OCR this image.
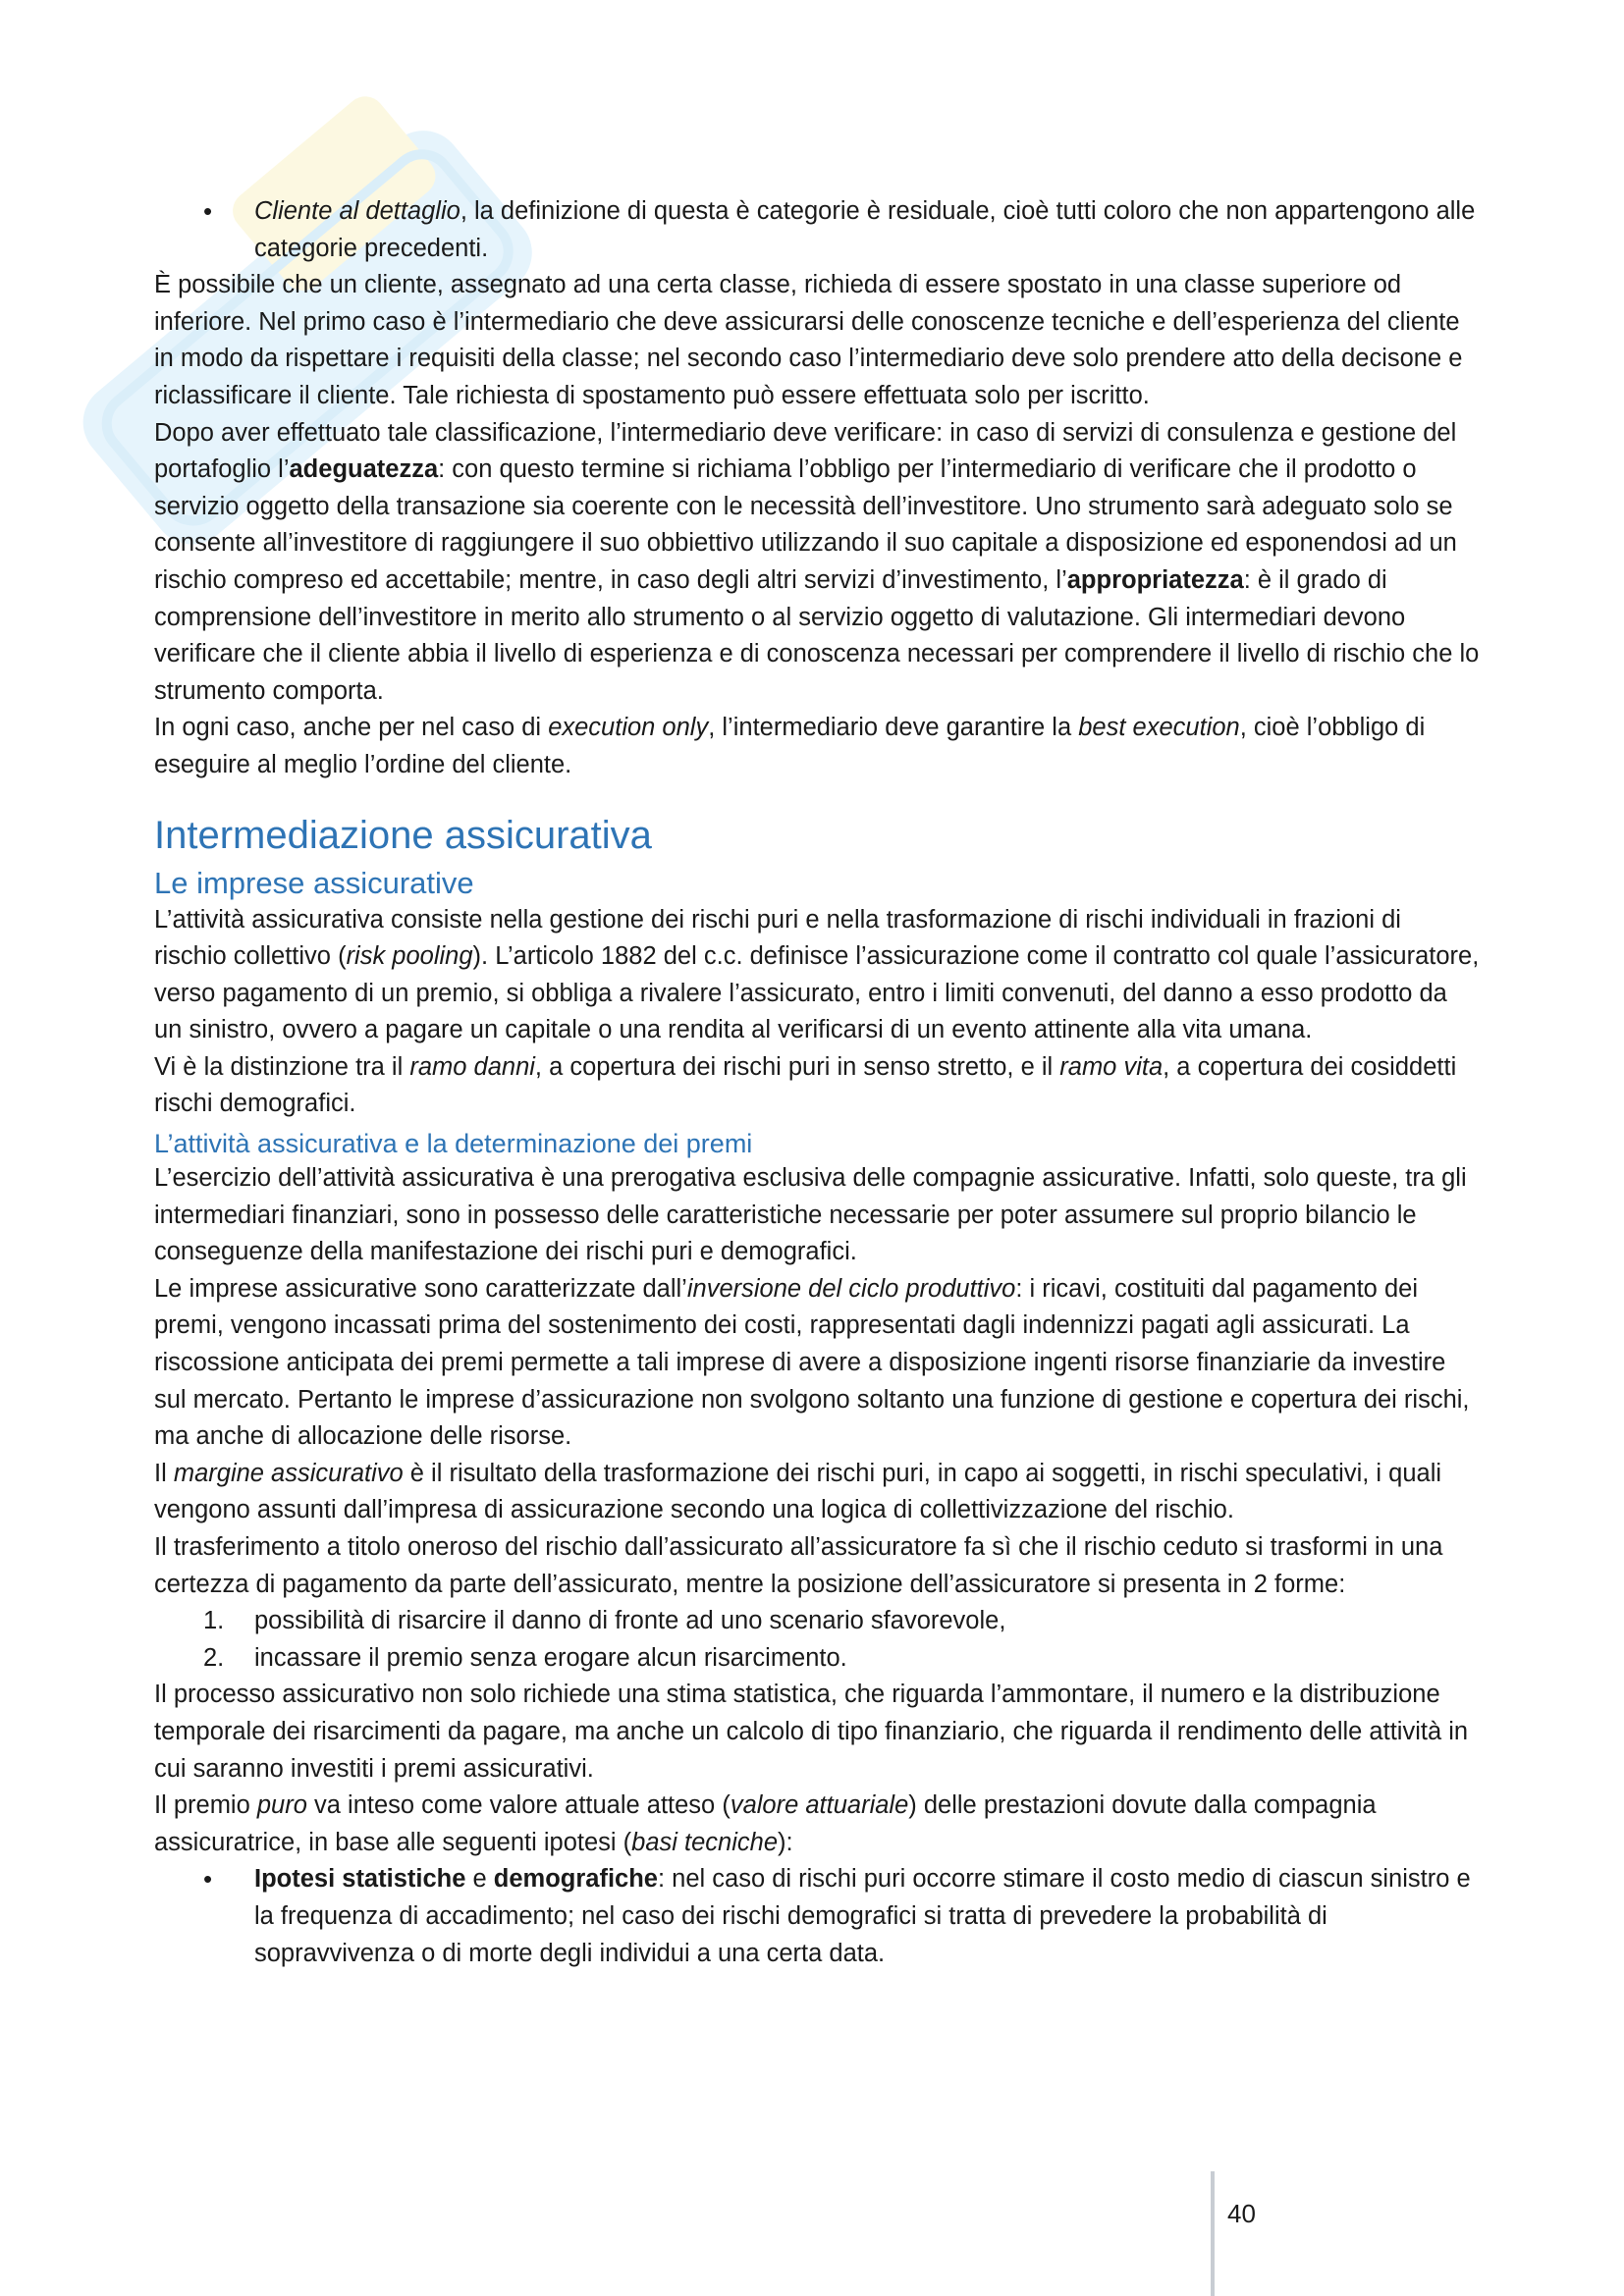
• Cliente al dettaglio, la definizione di questa è categorie è residuale, cioè tutti coloro che non appartengono alle categorie precedenti.

È possibile che un cliente, assegnato ad una certa classe, richieda di essere spostato in una classe superiore od inferiore. Nel primo caso è l’intermediario che deve assicurarsi delle conoscenze tecniche e dell’esperienza del cliente in modo da rispettare i requisiti della classe; nel secondo caso l’intermediario deve solo prendere atto della decisone e riclassificare il cliente. Tale richiesta di spostamento può essere effettuata solo per iscritto.

Dopo aver effettuato tale classificazione, l’intermediario deve verificare: in caso di servizi di consulenza e gestione del portafoglio l’adeguatezza: con questo termine si richiama l’obbligo per l’intermediario di verificare che il prodotto o servizio oggetto della transazione sia coerente con le necessità dell’investitore. Uno strumento sarà adeguato solo se consente all’investitore di raggiungere il suo obbiettivo utilizzando il suo capitale a disposizione ed esponendosi ad un rischio compreso ed accettabile; mentre, in caso degli altri servizi d’investimento, l’appropriatezza: è il grado di comprensione dell’investitore in merito allo strumento o al servizio oggetto di valutazione. Gli intermediari devono verificare che il cliente abbia il livello di esperienza e di conoscenza necessari per comprendere il livello di rischio che lo strumento comporta.

In ogni caso, anche per nel caso di execution only, l’intermediario deve garantire la best execution, cioè l’obbligo di eseguire al meglio l’ordine del cliente.

Intermediazione assicurativa
Le imprese assicurative

L’attività assicurativa consiste nella gestione dei rischi puri e nella trasformazione di rischi individuali in frazioni di rischio collettivo (risk pooling). L’articolo 1882 del c.c. definisce l’assicurazione come il contratto col quale l’assicuratore, verso pagamento di un premio, si obbliga a rivalere l’assicurato, entro i limiti convenuti, del danno a esso prodotto da un sinistro, ovvero a pagare un capitale o una rendita al verificarsi di un evento attinente alla vita umana.

Vi è la distinzione tra il ramo danni, a copertura dei rischi puri in senso stretto, e il ramo vita, a copertura dei cosiddetti rischi demografici.

L’attività assicurativa e la determinazione dei premi

L’esercizio dell’attività assicurativa è una prerogativa esclusiva delle compagnie assicurative. Infatti, solo queste, tra gli intermediari finanziari, sono in possesso delle caratteristiche necessarie per poter assumere sul proprio bilancio le conseguenze della manifestazione dei rischi puri e demografici.

Le imprese assicurative sono caratterizzate dall’inversione del ciclo produttivo: i ricavi, costituiti dal pagamento dei premi, vengono incassati prima del sostenimento dei costi, rappresentati dagli indennizzi pagati agli assicurati. La riscossione anticipata dei premi permette a tali imprese di avere a disposizione ingenti risorse finanziarie da investire sul mercato. Pertanto le imprese d’assicurazione non svolgono soltanto una funzione di gestione e copertura dei rischi, ma anche di allocazione delle risorse.

Il margine assicurativo è il risultato della trasformazione dei rischi puri, in capo ai soggetti, in rischi speculativi, i quali vengono assunti dall’impresa di assicurazione secondo una logica di collettivizzazione del rischio.

Il trasferimento a titolo oneroso del rischio dall’assicurato all’assicuratore fa sì che il rischio ceduto si trasformi in una certezza di pagamento da parte dell’assicurato, mentre la posizione dell’assicuratore si presenta in 2 forme:

1. possibilità di risarcire il danno di fronte ad uno scenario sfavorevole,
2. incassare il premio senza erogare alcun risarcimento.

Il processo assicurativo non solo richiede una stima statistica, che riguarda l’ammontare, il numero e la distribuzione temporale dei risarcimenti da pagare, ma anche un calcolo di tipo finanziario, che riguarda il rendimento delle attività in cui saranno investiti i premi assicurativi.

Il premio puro va inteso come valore attuale atteso (valore attuariale) delle prestazioni dovute dalla compagnia assicuratrice, in base alle seguenti ipotesi (basi tecniche):

• Ipotesi statistiche e demografiche: nel caso di rischi puri occorre stimare il costo medio di ciascun sinistro e la frequenza di accadimento; nel caso dei rischi demografici si tratta di prevedere la probabilità di sopravvivenza o di morte degli individui a una certa data.
40
